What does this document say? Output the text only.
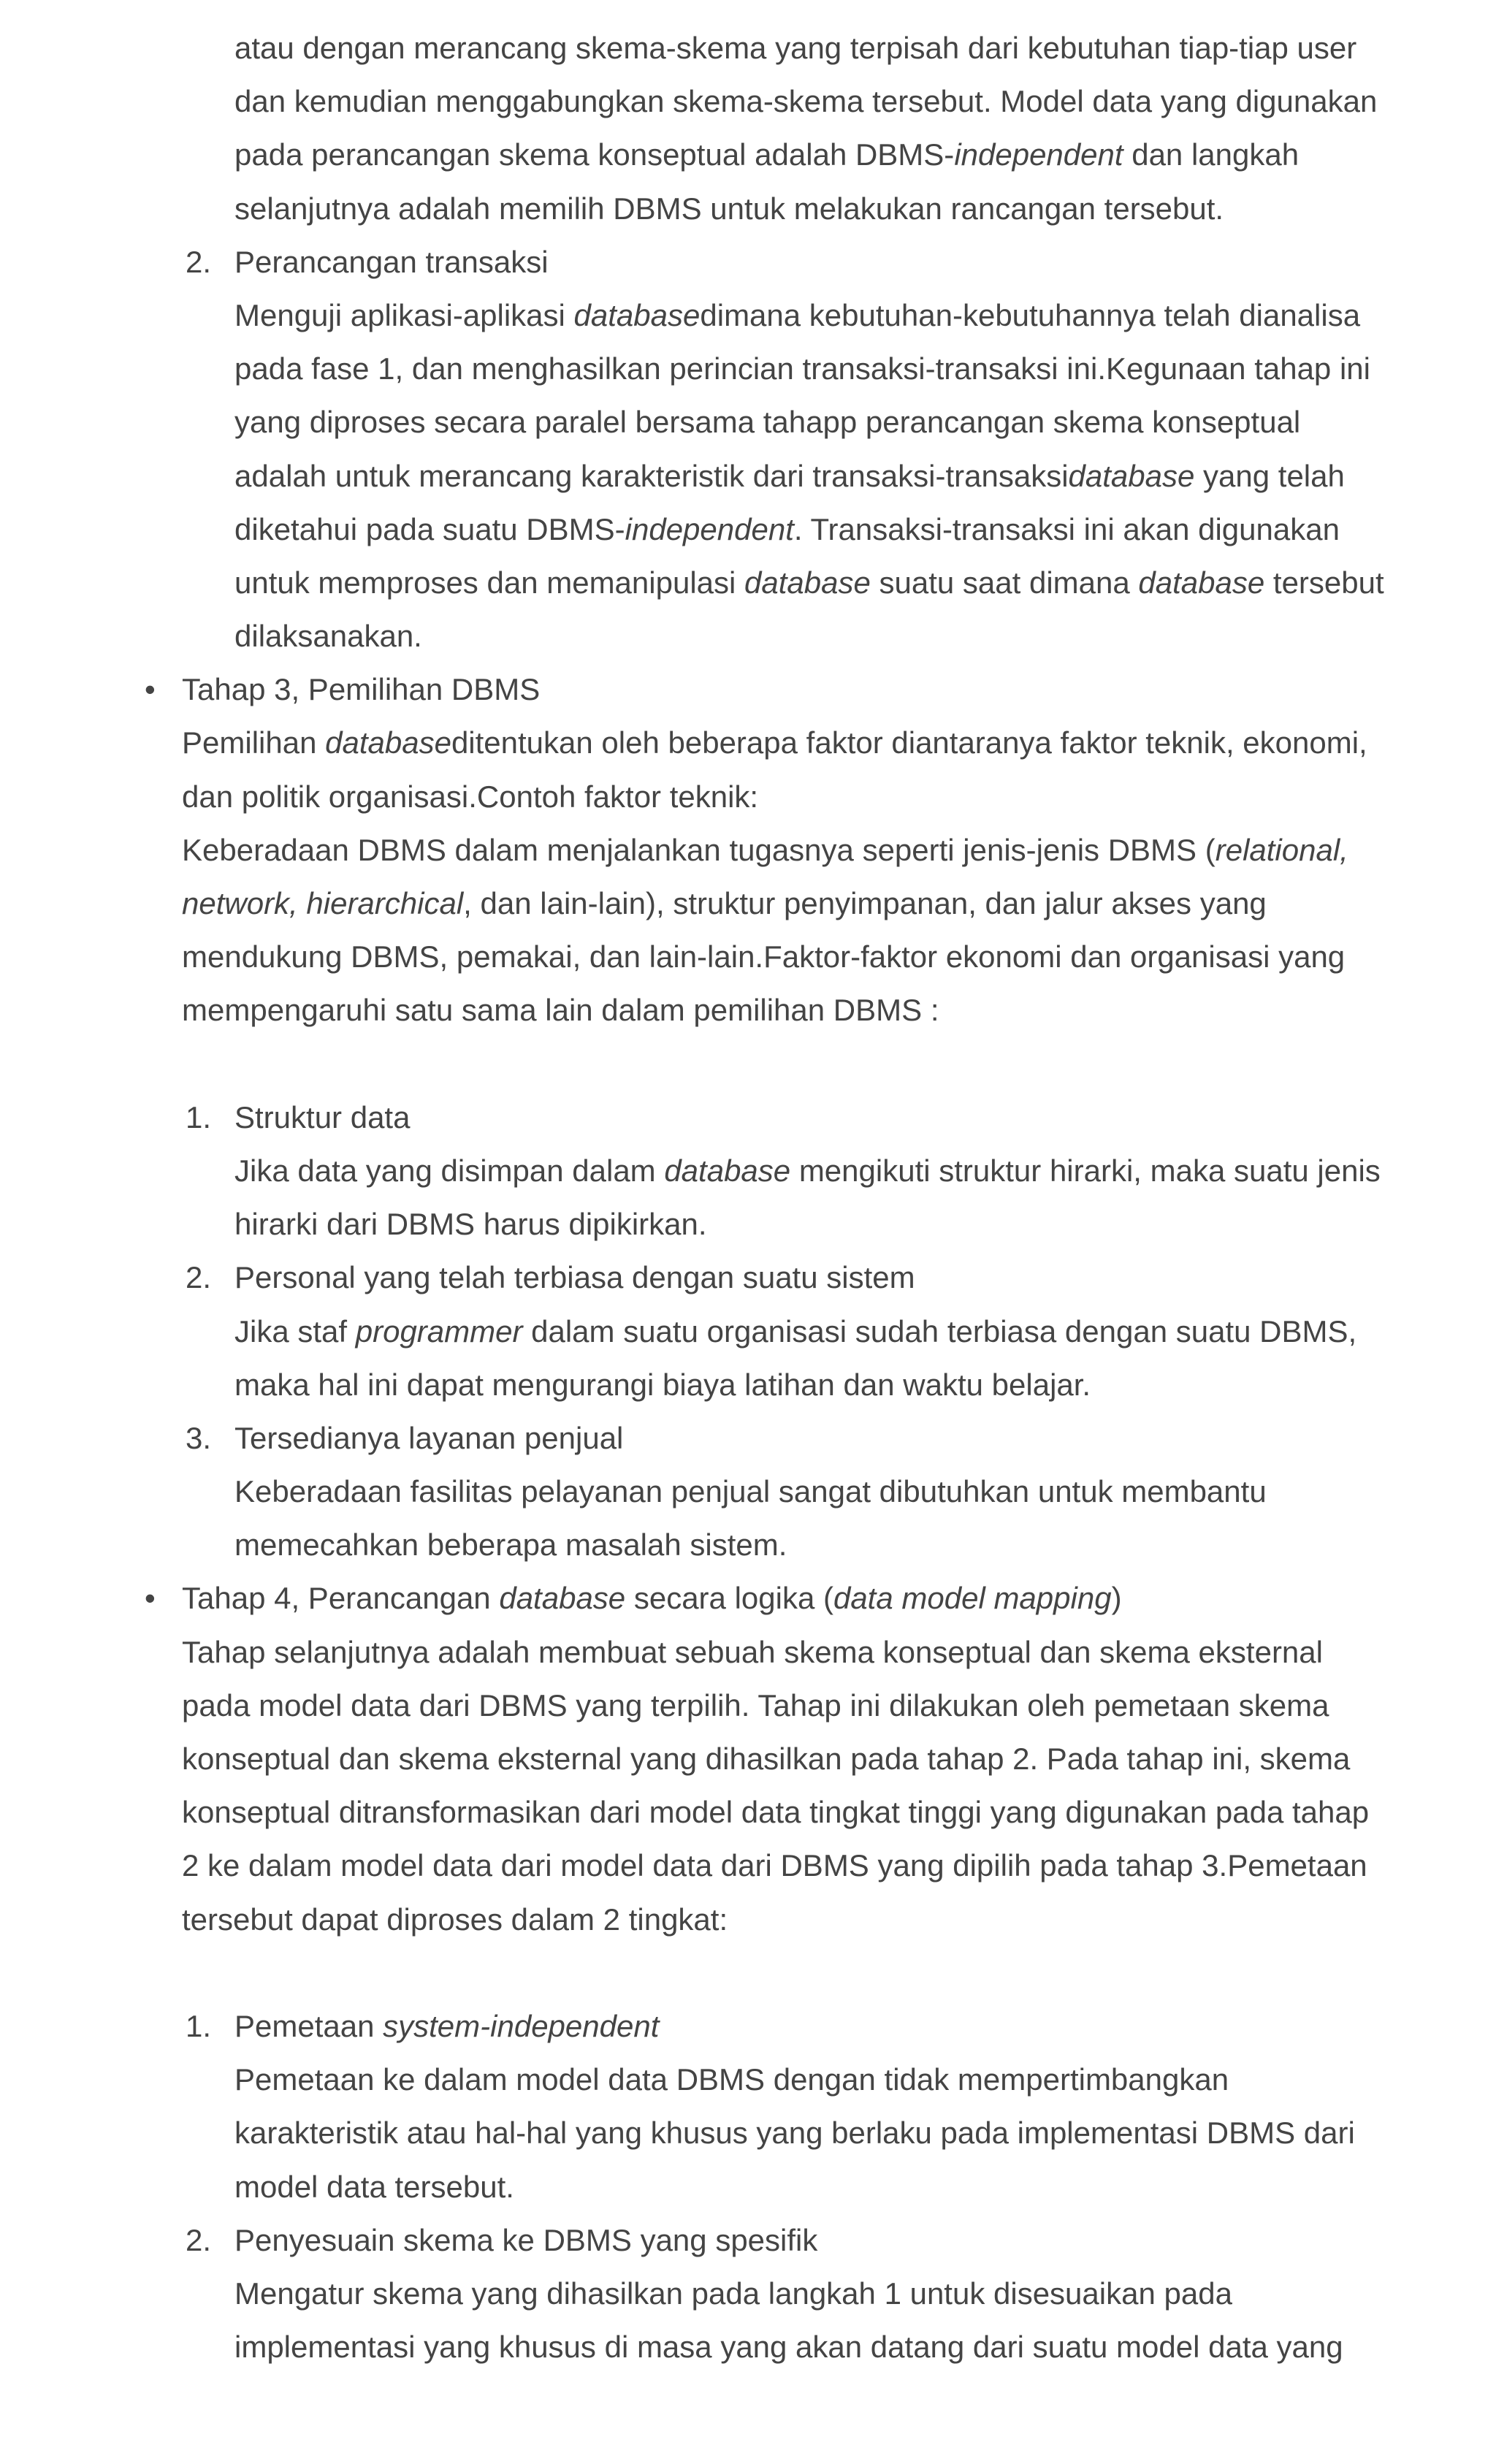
atau dengan merancang skema-skema yang terpisah dari kebutuhan tiap-tiap user
dan kemudian menggabungkan skema-skema tersebut. Model data yang digunakan
pada perancangan skema konseptual adalah DBMS-independent dan langkah
selanjutnya adalah memilih DBMS untuk melakukan rancangan tersebut.
2. Perancangan transaksi
Menguji aplikasi-aplikasi databasedimana kebutuhan-kebutuhannya telah dianalisa
pada fase 1, dan menghasilkan perincian transaksi-transaksi ini.Kegunaan tahap ini
yang diproses secara paralel bersama tahapp perancangan skema konseptual
adalah untuk merancang karakteristik dari transaksi-transaksidatabase yang telah
diketahui pada suatu DBMS-independent. Transaksi-transaksi ini akan digunakan
untuk memproses dan memanipulasi database suatu saat dimana database tersebut
dilaksanakan.
• Tahap 3, Pemilihan DBMS
Pemilihan databaseditentukan oleh beberapa faktor diantaranya faktor teknik, ekonomi,
dan politik organisasi.Contoh faktor teknik:
Keberadaan DBMS dalam menjalankan tugasnya seperti jenis-jenis DBMS (relational,
network, hierarchical, dan lain-lain), struktur penyimpanan, dan jalur akses yang
mendukung DBMS, pemakai, dan lain-lain.Faktor-faktor ekonomi dan organisasi yang
mempengaruhi satu sama lain dalam pemilihan DBMS :
1. Struktur data
Jika data yang disimpan dalam database mengikuti struktur hirarki, maka suatu jenis
hirarki dari DBMS harus dipikirkan.
2. Personal yang telah terbiasa dengan suatu sistem
Jika staf programmer dalam suatu organisasi sudah terbiasa dengan suatu DBMS,
maka hal ini dapat mengurangi biaya latihan dan waktu belajar.
3. Tersedianya layanan penjual
Keberadaan fasilitas pelayanan penjual sangat dibutuhkan untuk membantu
memecahkan beberapa masalah sistem.
• Tahap 4, Perancangan database secara logika (data model mapping)
Tahap selanjutnya adalah membuat sebuah skema konseptual dan skema eksternal
pada model data dari DBMS yang terpilih. Tahap ini dilakukan oleh pemetaan skema
konseptual dan skema eksternal yang dihasilkan pada tahap 2. Pada tahap ini, skema
konseptual ditransformasikan dari model data tingkat tinggi yang digunakan pada tahap
2 ke dalam model data dari model data dari DBMS yang dipilih pada tahap 3.Pemetaan
tersebut dapat diproses dalam 2 tingkat:
1. Pemetaan system-independent
Pemetaan ke dalam model data DBMS dengan tidak mempertimbangkan
karakteristik atau hal-hal yang khusus yang berlaku pada implementasi DBMS dari
model data tersebut.
2. Penyesuain skema ke DBMS yang spesifik
Mengatur skema yang dihasilkan pada langkah 1 untuk disesuaikan pada
implementasi yang khusus di masa yang akan datang dari suatu model data yang
